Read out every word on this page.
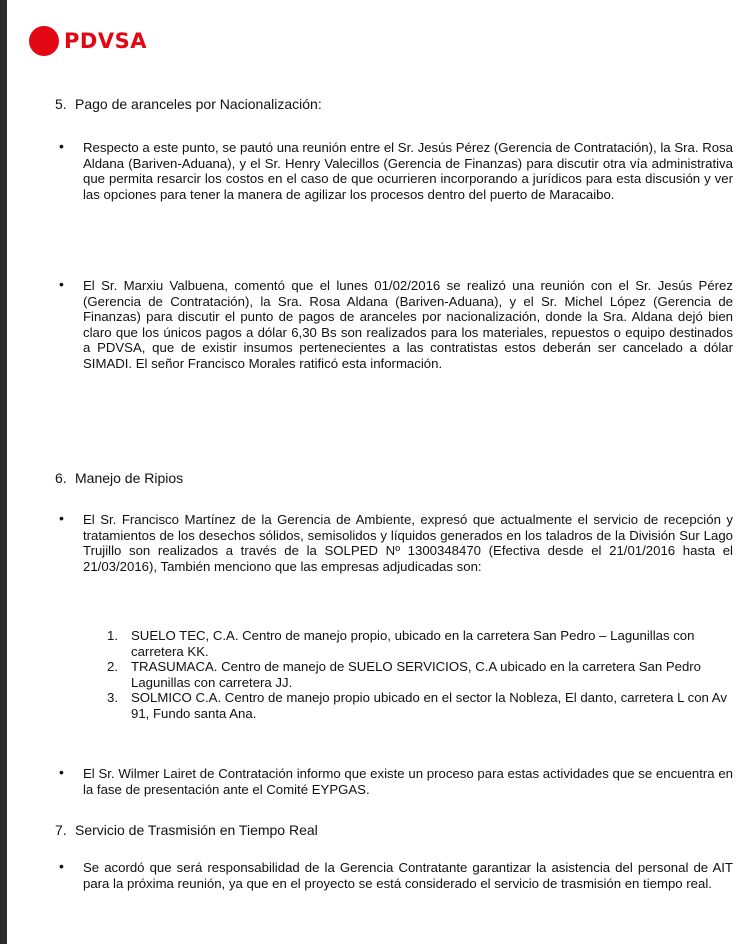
PDVSA
5. Pago de aranceles por Nacionalización:
• Respecto a este punto, se pautó una reunión entre el Sr. Jesús Pérez (Gerencia de Contratación), la Sra. Rosa Aldana (Bariven-Aduana), y el Sr. Henry Valecillos (Gerencia de Finanzas) para discutir otra vía administrativa que permita resarcir los costos en el caso de que ocurrieren incorporando a jurídicos para esta discusión y ver las opciones para tener la manera de agilizar los procesos dentro del puerto de Maracaibo.
• El Sr. Marxiu Valbuena, comentó que el lunes 01/02/2016 se realizó una reunión con el Sr. Jesús Pérez (Gerencia de Contratación), la Sra. Rosa Aldana (Bariven-Aduana), y el Sr. Michel López (Gerencia de Finanzas) para discutir el punto de pagos de aranceles por nacionalización, donde la Sra. Aldana dejó bien claro que los únicos pagos a dólar 6,30 Bs son realizados para los materiales, repuestos o equipo destinados a PDVSA, que de existir insumos pertenecientes a las contratistas estos deberán ser cancelado a dólar SIMADI. El señor Francisco Morales ratificó esta información.
6. Manejo de Ripios
• El Sr. Francisco Martínez de la Gerencia de Ambiente, expresó que actualmente el servicio de recepción y tratamientos de los desechos sólidos, semisolidos y líquidos generados en los taladros de la División Sur Lago Trujillo son realizados a través de la SOLPED Nº 1300348470 (Efectiva desde el 21/01/2016 hasta el 21/03/2016), También menciono que las empresas adjudicadas son:
1. SUELO TEC, C.A. Centro de manejo propio, ubicado en la carretera San Pedro – Lagunillas con carretera KK.
2. TRASUMACA. Centro de manejo de SUELO SERVICIOS, C.A ubicado en la carretera San Pedro Lagunillas con carretera JJ.
3. SOLMICO C.A. Centro de manejo propio ubicado en el sector la Nobleza, El danto, carretera L con Av 91, Fundo santa Ana.
• El Sr. Wilmer Lairet de Contratación informo que existe un proceso para estas actividades que se encuentra en la fase de presentación ante el Comité EYPGAS.
7. Servicio de Trasmisión en Tiempo Real
• Se acordó que será responsabilidad de la Gerencia Contratante garantizar la asistencia del personal de AIT para la próxima reunión, ya que en el proyecto se está considerado el servicio de trasmisión en tiempo real.
